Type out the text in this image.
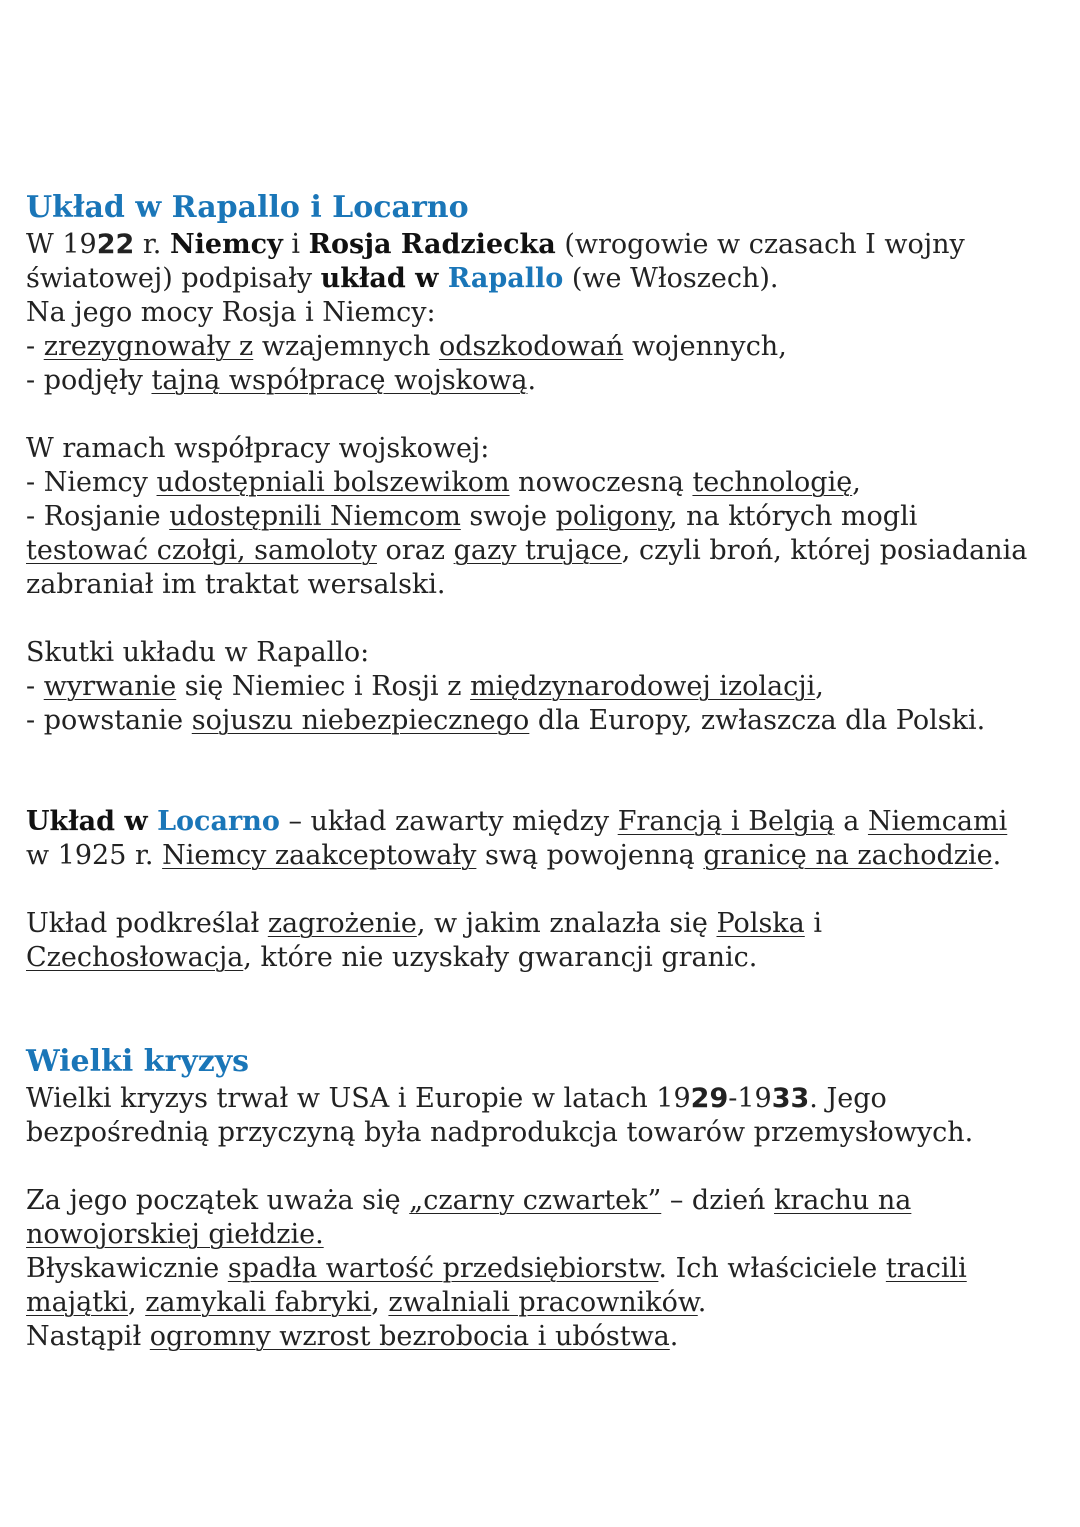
Układ w Rapallo i Locarno
W 1922 r. Niemcy i Rosja Radziecka (wrogowie w czasach I wojny
światowej) podpisały układ w Rapallo (we Włoszech).
Na jego mocy Rosja i Niemcy:
- zrezygnowały z wzajemnych odszkodowań wojennych,
- podjęły tajną współpracę wojskową.
W ramach współpracy wojskowej:
- Niemcy udostępniali bolszewikom nowoczesną technologię,
- Rosjanie udostępnili Niemcom swoje poligony, na których mogli
testować czołgi, samoloty oraz gazy trujące, czyli broń, której posiadania
zabraniał im traktat wersalski.
Skutki układu w Rapallo:
- wyrwanie się Niemiec i Rosji z międzynarodowej izolacji,
- powstanie sojuszu niebezpiecznego dla Europy, zwłaszcza dla Polski.
Układ w Locarno – układ zawarty między Francją i Belgią a Niemcami
w 1925 r. Niemcy zaakceptowały swą powojenną granicę na zachodzie.
Układ podkreślał zagrożenie, w jakim znalazła się Polska i
Czechosłowacja, które nie uzyskały gwarancji granic.
Wielki kryzys
Wielki kryzys trwał w USA i Europie w latach 1929-1933. Jego
bezpośrednią przyczyną była nadprodukcja towarów przemysłowych.
Za jego początek uważa się „czarny czwartek” – dzień krachu na
nowojorskiej giełdzie.
Błyskawicznie spadła wartość przedsiębiorstw. Ich właściciele tracili
majątki, zamykali fabryki, zwalniali pracowników.
Nastąpił ogromny wzrost bezrobocia i ubóstwa.
